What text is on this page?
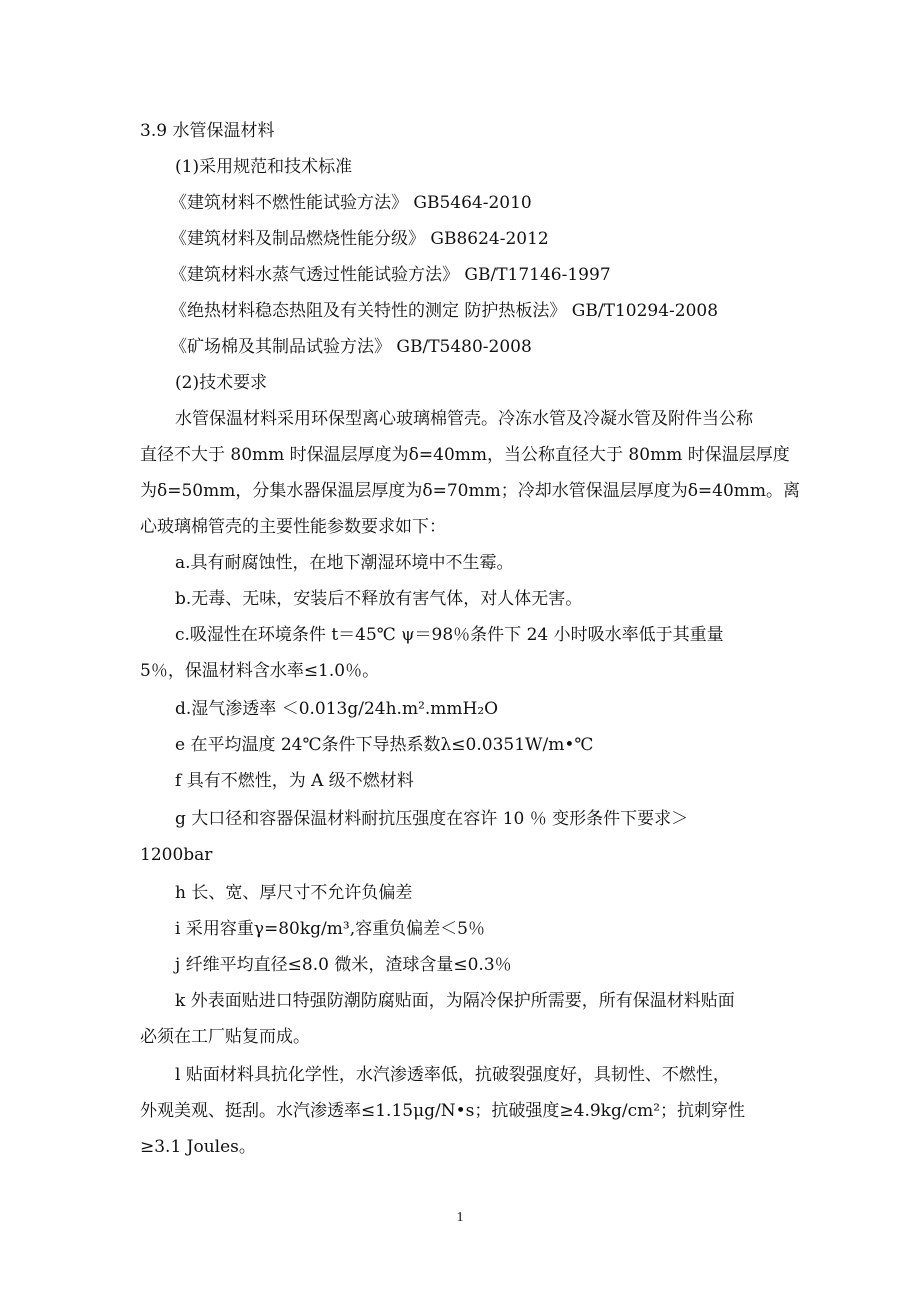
3.9 水管保温材料

(1)采用规范和技术标准

《建筑材料不燃性能试验方法》 GB5464-2010

《建筑材料及制品燃烧性能分级》 GB8624-2012

《建筑材料水蒸气透过性能试验方法》 GB/T17146-1997

《绝热材料稳态热阻及有关特性的测定 防护热板法》 GB/T10294-2008

《矿场棉及其制品试验方法》 GB/T5480-2008

(2)技术要求

水管保温材料采用环保型离心玻璃棉管壳。冷冻水管及冷凝水管及附件当公称

直径不大于 80mm 时保温层厚度为δ=40mm，当公称直径大于 80mm 时保温层厚度

为δ=50mm，分集水器保温层厚度为δ=70mm；冷却水管保温层厚度为δ=40mm。离

心玻璃棉管壳的主要性能参数要求如下：

a.具有耐腐蚀性，在地下潮湿环境中不生霉。

b.无毒、无味，安装后不释放有害气体，对人体无害。

c.吸湿性在环境条件 t＝45℃ ψ＝98％条件下 24 小时吸水率低于其重量

5％，保温材料含水率≤1.0％。

d.湿气渗透率 ＜0.013g/24h.m².mmH₂O

e 在平均温度 24℃条件下导热系数λ≤0.0351W/m•℃

f 具有不燃性，为 A 级不燃材料

g 大口径和容器保温材料耐抗压强度在容许 10 ％ 变形条件下要求＞

1200bar

h 长、宽、厚尺寸不允许负偏差

i 采用容重γ=80kg/m³,容重负偏差＜5％

j 纤维平均直径≤8.0 微米，渣球含量≤0.3％

k 外表面贴进口特强防潮防腐贴面，为隔冷保护所需要，所有保温材料贴面

必须在工厂贴复而成。

l 贴面材料具抗化学性，水汽渗透率低，抗破裂强度好，具韧性、不燃性，

外观美观、挺刮。水汽渗透率≤1.15μg/N•s；抗破强度≥4.9kg/cm²；抗刺穿性

≥3.1 Joules。

1
